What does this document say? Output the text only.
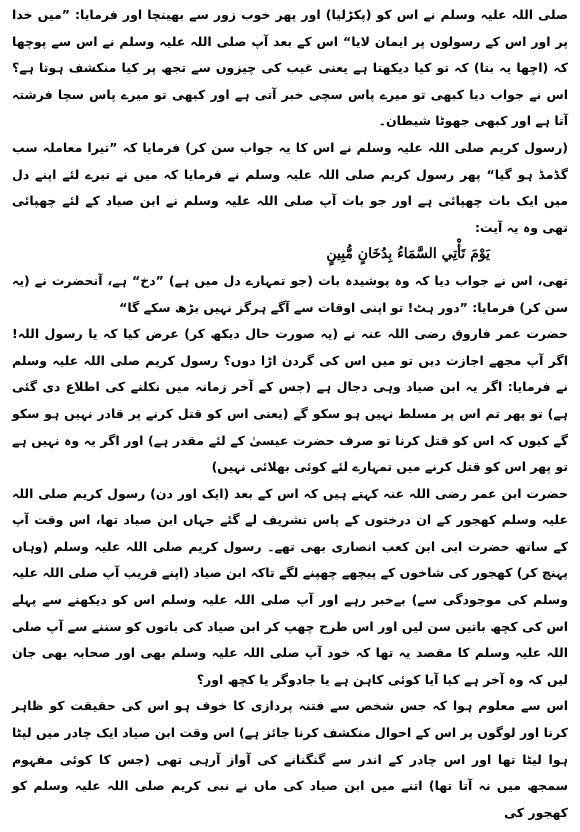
صلی اللہ علیہ وسلم نے اس کو (پکڑلیا) اور پھر خوب زور سے بھینچا اور فرمایا: ”میں خدا پر اور اس کے رسولوں پر ایمان لایا“ اس کے بعد آپ صلی اللہ علیہ وسلم نے اس سے پوچھا کہ (اچھا یہ بتا) کہ تو کیا دیکھتا ہے یعنی غیب کی چیزوں سے تجھ پر کیا منکشف ہوتا ہے؟ اس نے جواب دیا کبھی تو میرے پاس سچی خبر آتی ہے اور کبھی تو میرے پاس سچا فرشتہ آتا ہے اور کبھی جھوٹا شیطان۔

(رسول کریم صلی اللہ علیہ وسلم نے اس کا یہ جواب سن کر) فرمایا کہ ”تیرا معاملہ سب گڈمڈ ہو گیا“ پھر رسول کریم صلی اللہ علیہ وسلم نے فرمایا کہ میں نے تیرے لئے اپنے دل میں ایک بات چھپائی ہے اور جو بات آپ صلی اللہ علیہ وسلم نے ابن صیاد کے لئے چھپائی تھی وہ یہ آیت:

يَوْمَ تَأْتِي السَّمَاءُ بِدُخَانٍ مُّبِينٍ

تھی، اس نے جواب دیا کہ وہ پوشیدہ بات (جو تمہارے دل میں ہے) ”دخ“ ہے، آنحضرت نے (یہ سن کر) فرمایا: ”دور ہٹ! تو اپنی اوقات سے آگے ہرگز نہیں بڑھ سکے گا“

حضرت عمر فاروق رضی اللہ عنہ نے (یہ صورت حال دیکھ کر) عرض کیا کہ یا رسول اللہ! اگر آپ مجھے اجازت دیں تو میں اس کی گردن اڑا دوں؟ رسول کریم صلی اللہ علیہ وسلم نے فرمایا: اگر یہ ابن صیاد وہی دجال ہے (جس کے آخر زمانہ میں نکلنے کی اطلاع دی گئی ہے) تو پھر تم اس پر مسلط نہیں ہو سکو گے (یعنی اس کو قتل کرنے پر قادر نہیں ہو سکو گے کیوں کہ اس کو قتل کرنا تو صرف حضرت عیسیٰ کے لئے مقدر ہے) اور اگر یہ وہ نہیں ہے تو پھر اس کو قتل کرنے میں تمہارے لئے کوئی بھلائی نہیں)

حضرت ابن عمر رضی اللہ عنہ کہتے ہیں کہ اس کے بعد (ایک اور دن) رسول کریم صلی اللہ علیہ وسلم کھجور کے ان درختوں کے پاس تشریف لے گئے جہاں ابن صیاد تھا، اس وقت آپ کے ساتھ حضرت ابی ابن کعب انصاری بھی تھے۔ رسول کریم صلی اللہ علیہ وسلم (وہاں پہنچ کر) کھجور کی شاخوں کے پیچھے چھپنے لگے تاکہ ابن صیاد (اپنے قریب آپ صلی اللہ علیہ وسلم کی موجودگی سے) بےخبر رہے اور آپ صلی اللہ علیہ وسلم اس کو دیکھنے سے پہلے اس کی کچھ باتیں سن لیں اور اس طرح چھپ کر ابن صیاد کی باتوں کو سننے سے آپ صلی اللہ علیہ وسلم کا مقصد یہ تھا کہ خود آپ صلی اللہ علیہ وسلم بھی اور صحابہ بھی جان لیں کہ وہ آخر ہے کیا آیا کوئی کاہن ہے یا جادوگر یا کچھ اور؟

اس سے معلوم ہوا کہ جس شخص سے فتنہ پردازی کا خوف ہو اس کی حقیقت کو ظاہر کرنا اور لوگوں پر اس کے احوال منکشف کرنا جائز ہے) اس وقت ابن صیاد ایک چادر میں لپٹا ہوا لیٹا تھا اور اس چادر کے اندر سے گنگنانے کی آواز آرہی تھی (جس کا کوئی مفہوم سمجھ میں نہ آتا تھا) اتنے میں ابن صیاد کی ماں نے نبی کریم صلی اللہ علیہ وسلم کو کھجور کی
